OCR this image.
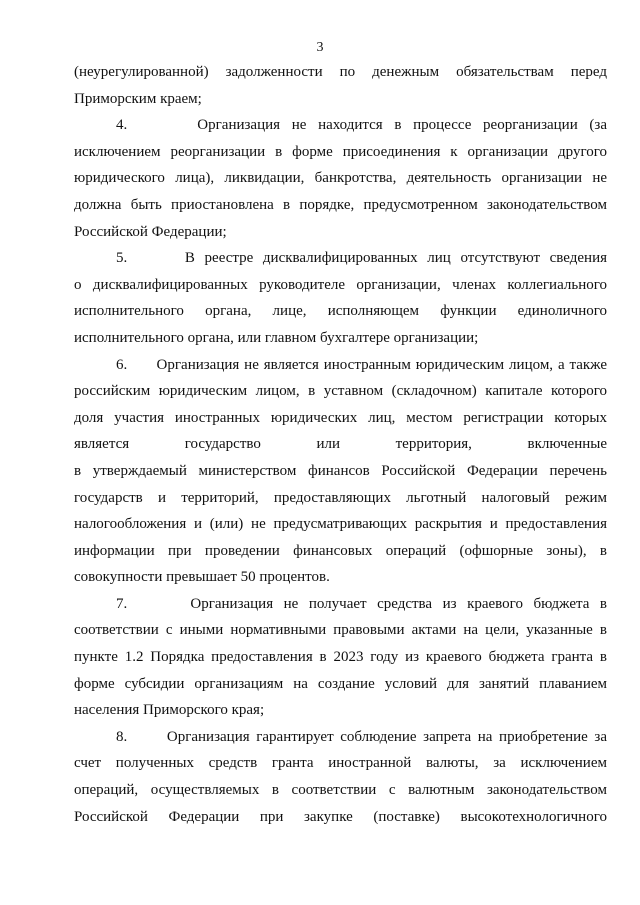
3
(неурегулированной) задолженности по денежным обязательствам перед
Приморским краем;
4.      Организация не находится в процессе реорганизации (за
исключением реорганизации в форме присоединения к организации другого
юридического лица), ликвидации, банкротства, деятельность организации не
должна быть приостановлена в порядке, предусмотренном законодательством
Российской Федерации;
5.      В реестре дисквалифицированных лиц отсутствуют сведения
о дисквалифицированных руководителе организации, членах коллегиального
исполнительного органа, лице, исполняющем функции единоличного
исполнительного органа, или главном бухгалтере организации;
6.      Организация не является иностранным юридическим лицом, а также
российским юридическим лицом, в уставном (складочном) капитале которого
доля участия иностранных юридических лиц, местом регистрации которых
является государство или территория, включенные
в утверждаемый министерством финансов Российской Федерации перечень
государств и территорий, предоставляющих льготный налоговый режим
налогообложения и (или) не предусматривающих раскрытия и предоставления
информации при проведении финансовых операций (офшорные зоны), в
совокупности превышает 50 процентов.
7.      Организация не получает средства из краевого бюджета в
соответствии с иными нормативными правовыми актами на цели, указанные в
пункте 1.2 Порядка предоставления в 2023 году из краевого бюджета гранта в
форме субсидии организациям на создание условий для занятий плаванием
населения Приморского края;
8.      Организация гарантирует соблюдение запрета на приобретение за
счет полученных средств гранта иностранной валюты, за исключением
операций, осуществляемых в соответствии с валютным законодательством
Российской Федерации при закупке (поставке) высокотехнологичного
